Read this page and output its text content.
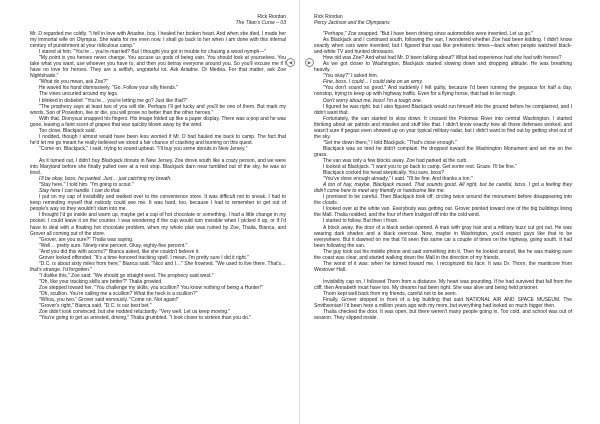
Rick Riordan
The Titan's Curse – 03

Mr. D regarded me coldly. "I fell in love with Ariadne, boy. I healed her broken heart. And when she died, I made her my immortal wife on Olympus. She waits for me even now. I shall go back to her when I am done with this infernal century of punishment at your ridiculous camp."

I stared at him. "You're… you're married? But I thought you got in trouble for chasing a wood nymph—"

"My point is you heroes never change. You accuse us gods of being vain. You should look at yourselves. You take what you want, use whoever you have to, and then you betray everyone around you. So you'll excuse me if I have no love for heroes. They are a selfish, ungrateful lot. Ask Ariadne. Or Medea. For that matter, ask Zoe Nightshade."

"What do you mean, ask Zoe?"

He waved his hand dismissively. "Go. Follow your silly friends."

The vines uncurled around my legs.

I blinked in disbelief. "You're… you're letting me go? Just like that?"

"The prophecy says at least two of you will die. Perhaps I'll get lucky and you'll be one of them. But mark my words, Son of Poseidon, live or die, you will prove no better than the other heroes."

With that, Dionysus snapped his fingers. His image folded up like a paper display. There was a pop and he was gone, leaving a faint scent of grapes that was quickly blown away by the wind.

Too close, Blackjack said.

I nodded, though I almost would have been less worried if Mr. D had hauled me back to camp. The fact that he'd let me go meant he really believed we stood a fair chance of crashing and burning on this quest.

"Come on, Blackjack," I said, trying to sound upbeat. "I'll buy you some donuts in New Jersey."

As it turned out, I didn't buy Blackjack donuts in New Jersey. Zoe drove south like a crazy person, and we were into Maryland before she finally pulled over at a rest stop. Blackjack darn near tumbled out of the sky, he was so tired.

I'll be okay, boss, he panted. Just… just catching my breath.

"Stay here," I told him. "I'm going to scout."

Stay here I can handle. I can do that.

I put on my cap of invisibility and walked over to the convenience store. It was difficult not to sneak. I had to keep reminding myself that nobody could see me. It was hard, too, because I had to remember to get out of people's way so they wouldn't slam into me.

I thought I'd go inside and warm up, maybe get a cup of hot chocolate or something. I had a little change in my pocket. I could leave it on the counter. I was wondering if the cup would turn invisible when I picked it up, or if I'd have to deal with a floating hot chocolate problem, when my whole plan was ruined by Zoe, Thalia, Bianca, and Grover all coming out of the store.

"Grover, are you sure?" Thalia was saying.

"Well… pretty sure. Ninety-nine percent. Okay, eighty-five percent."

"And you did this with acorns?" Bianca asked, like she couldn't believe it.

Grover looked offended. "It's a time-honored tracking spell. I mean, I'm pretty sure I did it right."

"D.C. is about sixty miles from here," Bianca said. "Nico and I…" She frowned. "We used to live there. That's… that's strange. I'd forgotten."

"I dislike this," Zoe said. "We should go straight west. The prophecy said west."

"Oh, like your tracking skills are better?" Thalia growled.

Zoe stepped toward her. "You challenge my skills, you scullion? You know nothing of being a Hunter!"

"Oh, scullion. You're calling me a scullion? What the heck is a scullion?"

"Whoa, you two," Grover said nervously. "Come on. Not again!"

"Grover's right," Bianca said. "D.C. is our best bet."

Zoe didn't look convinced, but she nodded reluctantly. "Very well. Let us keep moving."

"You're going to get us arrested, driving," Thalia grumbled. "I look closer to sixteen than you do."

Rick Riordan
Percy Jackson and the Olympians

"Perhaps," Zoe snapped. "But I have been driving since automobiles were invented. Let us go."

As Blackjack and I continued south, following the van, I wondered whether Zoe had been kidding. I didn't know exactly when cars were invented, but I figured that was like prehistoric times—back when people watched black-and-white TV and hunted dinosaurs.

How old was Zoe? And what had Mr. D been talking about? What bad experience had she had with heroes?

As we got closer to Washington, Blackjack started slowing down and dropping altitude. He was breathing heavily.

"You okay?" I asked him.

Fine, boss. I could… I could take on an army.

"You don't sound so good." And suddenly I felt guilty, because I'd been running the pegasus for half a day, nonstop, trying to keep up with highway traffic. Even for a flying horse, that had to be rough.

Don't worry about me, boss! I'm a tough one.

I figured he was right, but I also figured Blackjack would run himself into the ground before he complained, and I didn't want that.

Fortunately, the van started to slow down. It crossed the Potomac River into central Washington. I started thinking about air patrols and missiles and stuff like that. I didn't know exactly how all those defenses worked, and wasn't sure if pegasi even showed up on your typical military radar, but I didn't want to find out by getting shot out of the sky.

"Set me down there," I told Blackjack. "That's close enough."

Blackjack was so tired he didn't complain. He dropped toward the Washington Monument and set me on the grass.

The van was only a few blocks away. Zoe had parked at the curb.

I looked at Blackjack. "I want you to go back to camp. Get some rest. Graze. I'll be fine."

Blackjack cocked his head skeptically. You sure, boss?

"You've done enough already," I said. "I'll be fine. And thanks a ton."

A ton of hay, maybe, Blackjack mused. That sounds good. All right, but be careful, boss. I got a feeling they didn't come here to meet any friendly or handsome like me.

I promised to be careful. Then Blackjack took off, circling twice around the monument before disappearing into the clouds.

I looked over at the white van. Everybody was getting out. Grover pointed toward one of the big buildings lining the Mall. Thalia nodded, and the four of them trudged off into the cold wind.

I started to follow. But then I froze.

A block away, the door of a black sedan opened. A man with gray hair and a military buzz cut got out. He was wearing dark shades and a black overcoat. Now, maybe in Washington, you'd expect guys like that to be everywhere. But it dawned on me that I'd seen this same car a couple of times on the highway, going south. It had been following the van.

The guy took out his mobile phone and said something into it. Then he looked around, like he was making sure the coast was clear, and started walking down the Mall in the direction of my friends.

The worst of it was: when he turned toward me, I recognized his face. It was Dr. Thorn, the manticore from Westover Hall.

Invisibility cap on, I followed Thorn from a distance. My heart was pounding. If he had survived that fall from the cliff, then Annabeth must have too. My dreams had been right. She was alive and being held prisoner.

Thorn kept well back from my friends, careful not to be seen.

Finally, Grover stopped in front of a big building that said NATIONAL AIR AND SPACE MUSEUM. The Smithsonian! I'd been here a million years ago with my mom, but everything had looked so much bigger then.

Thalia checked the door. It was open, but there weren't many people going in. Too cold, and school was out of session. They slipped inside.

◀	▶
